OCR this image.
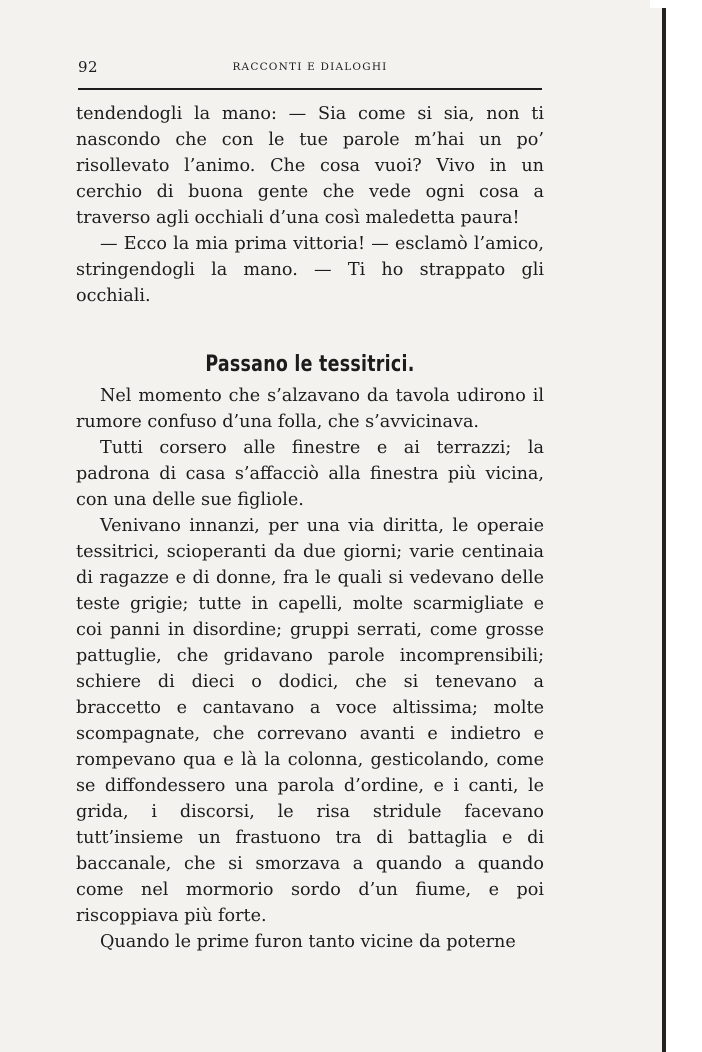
92	RACCONTI E DIALOGHI

tendendogli la mano: — Sia come si sia, non ti nascondo che con le tue parole m’hai un po’ risollevato l’animo. Che cosa vuoi? Vivo in un cerchio di buona gente che vede ogni cosa a traverso agli occhiali d’una così maledetta paura!

— Ecco la mia prima vittoria! — esclamò l’amico, stringendogli la mano. — Ti ho strappato gli occhiali.

Passano le tessitrici.

Nel momento che s’alzavano da tavola udirono il rumore confuso d’una folla, che s’avvicinava.

Tutti corsero alle finestre e ai terrazzi; la padrona di casa s’affacciò alla finestra più vicina, con una delle sue figliole.

Venivano innanzi, per una via diritta, le operaie tessitrici, scioperanti da due giorni; varie centinaia di ragazze e di donne, fra le quali si vedevano delle teste grigie; tutte in capelli, molte scarmigliate e coi panni in disordine; gruppi serrati, come grosse pattuglie, che gridavano parole incomprensibili; schiere di dieci o dodici, che si tenevano a braccetto e cantavano a voce altissima; molte scompagnate, che correvano avanti e indietro e rompevano qua e là la colonna, gesticolando, come se diffondessero una parola d’ordine, e i canti, le grida, i discorsi, le risa stridule facevano tutt’insieme un frastuono tra di battaglia e di baccanale, che si smorzava a quando a quando come nel mormorio sordo d’un fiume, e poi riscoppiava più forte.

Quando le prime furon tanto vicine da poterne
